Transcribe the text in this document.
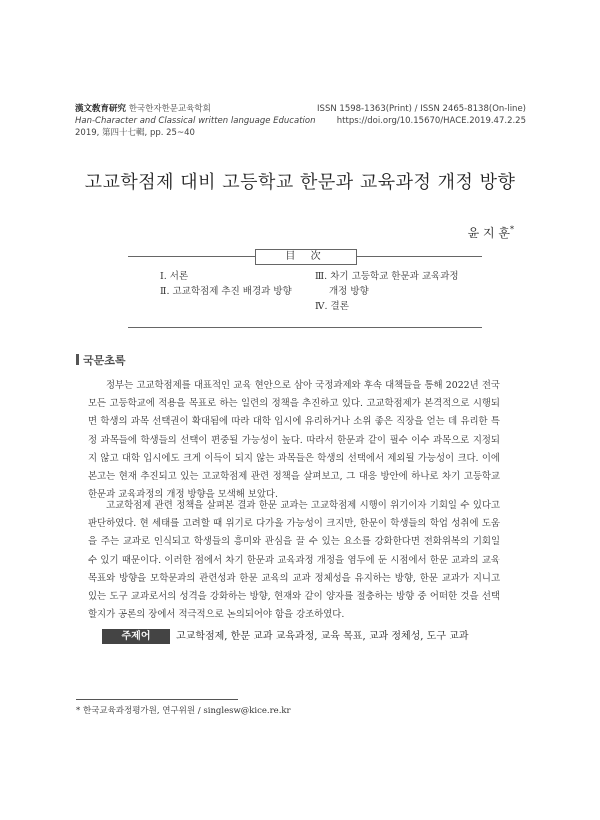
漢文敎育研究 한국한자한문교육학회
Han-Character and Classical written language Education
2019, 第四十七輯, pp. 25~40
ISSN 1598-1363(Print) / ISSN 2465-8138(On-line)
https://doi.org/10.15670/HACE.2019.47.2.25
고교학점제 대비 고등학교 한문과 교육과정 개정 방향
윤 지 훈*
目 次
Ⅰ. 서론
Ⅱ. 고교학점제 추진 배경과 방향
Ⅲ. 차기 고등학교 한문과 교육과정
개정 방향
Ⅳ. 결론
국문초록

정부는 고교학점제를 대표적인 교육 현안으로 삼아 국정과제와 후속 대책들을 통해 2022년 전국 모든 고등학교에 적용을 목표로 하는 일련의 정책을 추진하고 있다. 고교학점제가 본격적으로 시행되면 학생의 과목 선택권이 확대됨에 따라 대학 입시에 유리하거나 소위 좋은 직장을 얻는 데 유리한 특정 과목들에 학생들의 선택이 편중될 가능성이 높다. 따라서 한문과 같이 필수 이수 과목으로 지정되지 않고 대학 입시에도 크게 이득이 되지 않는 과목들은 학생의 선택에서 제외될 가능성이 크다. 이에 본고는 현재 추진되고 있는 고교학점제 관련 정책을 살펴보고, 그 대응 방안에 하나로 차기 고등학교 한문과 교육과정의 개정 방향을 모색해 보았다.

고교학점제 관련 정책을 살펴본 결과 한문 교과는 고교학점제 시행이 위기이자 기회일 수 있다고 판단하였다. 현 세태를 고려할 때 위기로 다가올 가능성이 크지만, 한문이 학생들의 학업 성취에 도움을 주는 교과로 인식되고 학생들의 흥미와 관심을 끌 수 있는 요소를 강화한다면 전화위복의 기회일 수 있기 때문이다. 이러한 점에서 차기 한문과 교육과정 개정을 염두에 둔 시점에서 한문 교과의 교육 목표와 방향을 모학문과의 관련성과 한문 교육의 교과 정체성을 유지하는 방향, 한문 교과가 지니고 있는 도구 교과로서의 성격을 강화하는 방향, 현재와 같이 양자를 절충하는 방향 중 어떠한 것을 선택할지가 공론의 장에서 적극적으로 논의되어야 함을 강조하였다.

주제어	고교학점제, 한문 교과 교육과정, 교육 목표, 교과 정체성, 도구 교과
* 한국교육과정평가원, 연구위원 / singlesw@kice.re.kr
